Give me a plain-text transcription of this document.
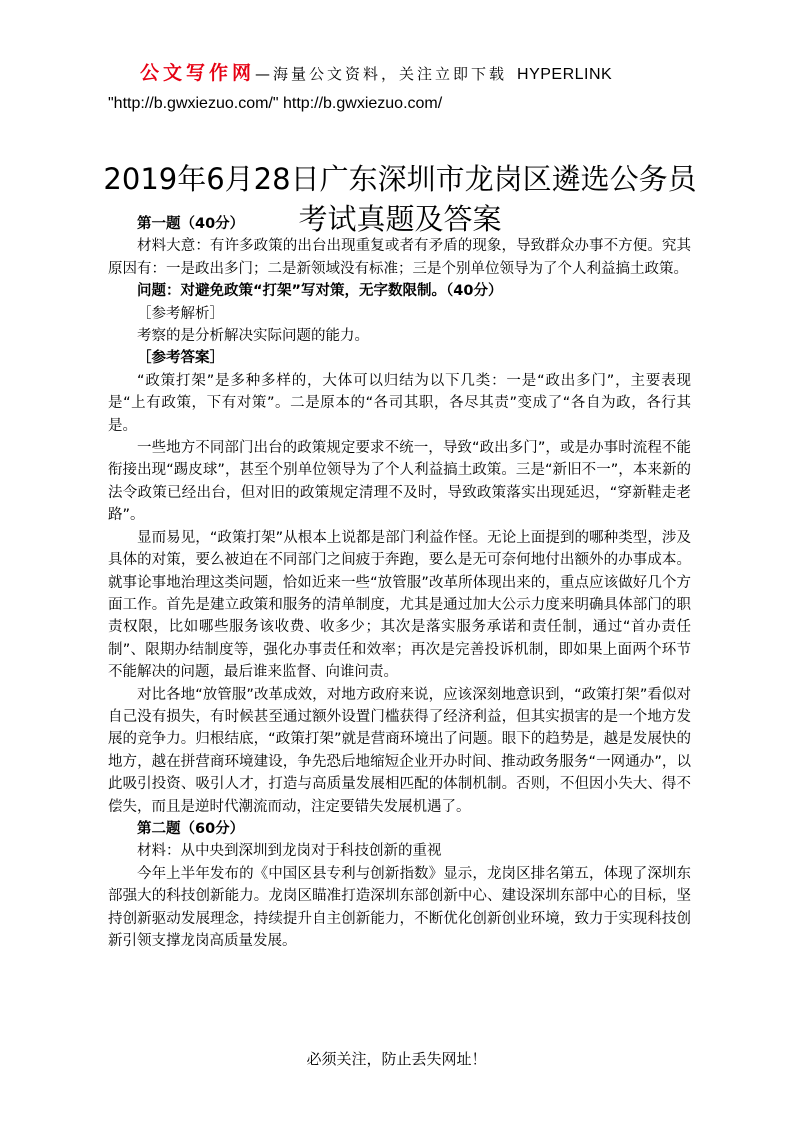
公文写作网—海量公文资料，关注立即下载 HYPERLINK
"http://b.gwxiezuo.com/" http://b.gwxiezuo.com/
2019年6月28日广东深圳市龙岗区遴选公务员考试真题及答案

第一题（40分）

材料大意：有许多政策的出台出现重复或者有矛盾的现象，导致群众办事不方便。究其原因有：一是政出多门；二是新领域没有标准；三是个别单位领导为了个人利益搞土政策。

问题：对避免政策“打架”写对策，无字数限制。（40分）

［参考解析］

考察的是分析解决实际问题的能力。

［参考答案］

“政策打架”是多种多样的，大体可以归结为以下几类：一是“政出多门”，主要表现是“上有政策，下有对策”。二是原本的“各司其职，各尽其责”变成了“各自为政，各行其是。

一些地方不同部门出台的政策规定要求不统一，导致“政出多门”，或是办事时流程不能衔接出现“踢皮球”，甚至个别单位领导为了个人利益搞土政策。三是“新旧不一”，本来新的法令政策已经出台，但对旧的政策规定清理不及时，导致政策落实出现延迟，“穿新鞋走老路”。

显而易见，“政策打架”从根本上说都是部门利益作怪。无论上面提到的哪种类型，涉及具体的对策，要么被迫在不同部门之间疲于奔跑，要么是无可奈何地付出额外的办事成本。就事论事地治理这类问题，恰如近来一些“放管服”改革所体现出来的，重点应该做好几个方面工作。首先是建立政策和服务的清单制度，尤其是通过加大公示力度来明确具体部门的职责权限，比如哪些服务该收费、收多少；其次是落实服务承诺和责任制，通过“首办责任制”、限期办结制度等，强化办事责任和效率；再次是完善投诉机制，即如果上面两个环节不能解决的问题，最后谁来监督、向谁问责。

对比各地“放管服”改革成效，对地方政府来说，应该深刻地意识到，“政策打架”看似对自己没有损失，有时候甚至通过额外设置门槛获得了经济利益，但其实损害的是一个地方发展的竞争力。归根结底，“政策打架”就是营商环境出了问题。眼下的趋势是，越是发展快的地方，越在拼营商环境建设，争先恐后地缩短企业开办时间、推动政务服务“一网通办”，以此吸引投资、吸引人才，打造与高质量发展相匹配的体制机制。否则，不但因小失大、得不偿失，而且是逆时代潮流而动，注定要错失发展机遇了。

第二题（60分）

材料：从中央到深圳到龙岗对于科技创新的重视

今年上半年发布的《中国区县专利与创新指数》显示，龙岗区排名第五，体现了深圳东部强大的科技创新能力。龙岗区瞄准打造深圳东部创新中心、建设深圳东部中心的目标，坚持创新驱动发展理念，持续提升自主创新能力，不断优化创新创业环境，致力于实现科技创新引领支撑龙岗高质量发展。

必须关注，防止丢失网址！
